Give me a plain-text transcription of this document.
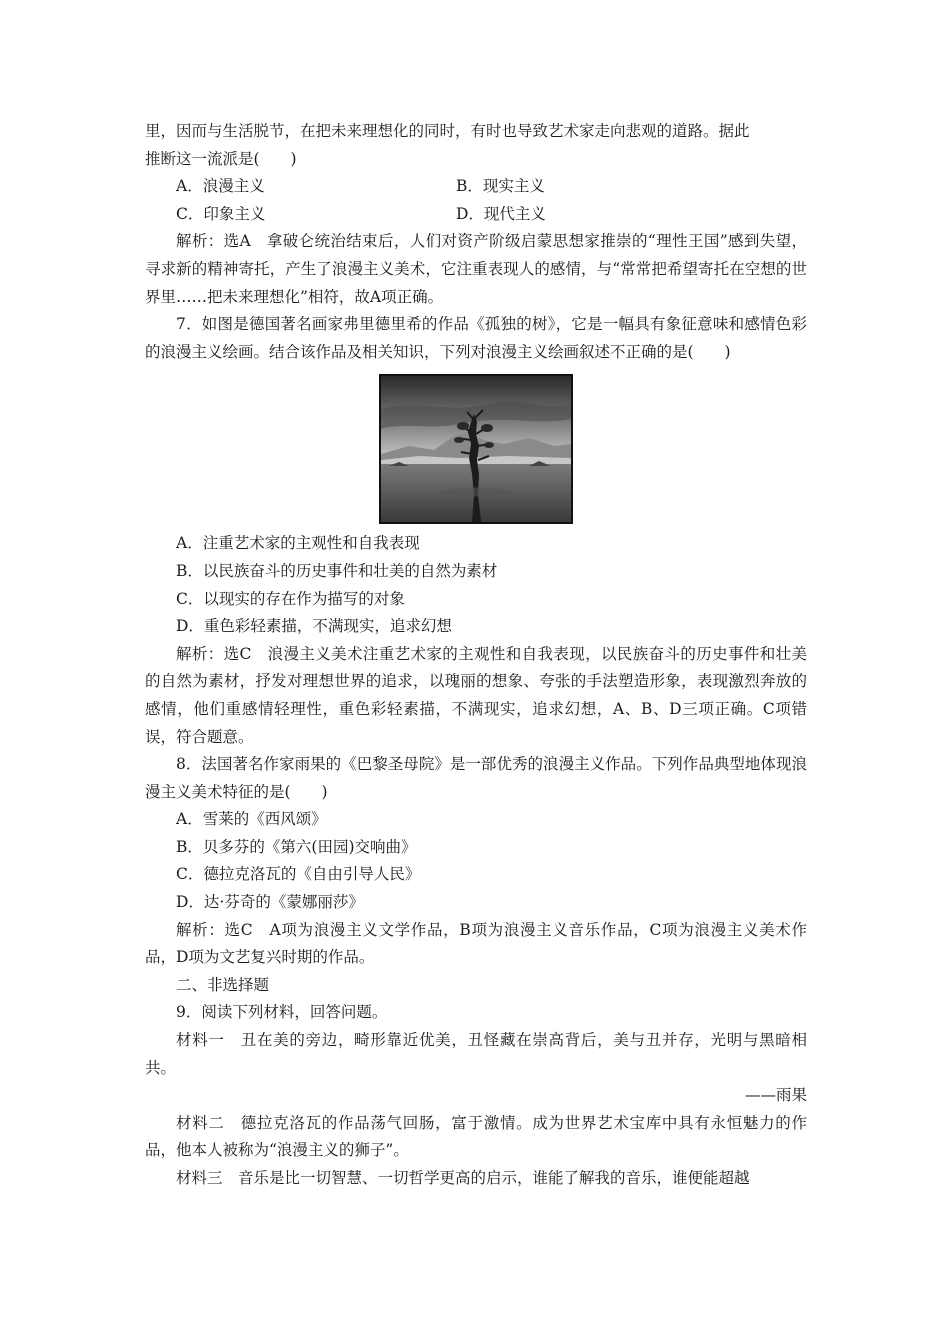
里，因而与生活脱节，在把未来理想化的同时，有时也导致艺术家走向悲观的道路。据此

推断这一流派是(　　)

A．浪漫主义	B．现实主义
C．印象主义	D．现代主义

解析：选A　拿破仑统治结束后，人们对资产阶级启蒙思想家推崇的“理性王国”感到失望，寻求新的精神寄托，产生了浪漫主义美术，它注重表现人的感情，与“常常把希望寄托在空想的世界里……把未来理想化”相符，故A项正确。

7．如图是德国著名画家弗里德里希的作品《孤独的树》，它是一幅具有象征意味和感情色彩的浪漫主义绘画。结合该作品及相关知识，下列对浪漫主义绘画叙述不正确的是(　　)

A．注重艺术家的主观性和自我表现

B．以民族奋斗的历史事件和壮美的自然为素材

C．以现实的存在作为描写的对象

D．重色彩轻素描，不满现实，追求幻想

解析：选C　浪漫主义美术注重艺术家的主观性和自我表现，以民族奋斗的历史事件和壮美的自然为素材，抒发对理想世界的追求，以瑰丽的想象、夸张的手法塑造形象，表现激烈奔放的感情，他们重感情轻理性，重色彩轻素描，不满现实，追求幻想，A、B、D三项正确。C项错误，符合题意。

8．法国著名作家雨果的《巴黎圣母院》是一部优秀的浪漫主义作品。下列作品典型地体现浪漫主义美术特征的是(　　)

A．雪莱的《西风颂》

B．贝多芬的《第六(田园)交响曲》

C．德拉克洛瓦的《自由引导人民》

D．达·芬奇的《蒙娜丽莎》

解析：选C　A项为浪漫主义文学作品，B项为浪漫主义音乐作品，C项为浪漫主义美术作品，D项为文艺复兴时期的作品。

二、非选择题

9．阅读下列材料，回答问题。

材料一　丑在美的旁边，畸形靠近优美，丑怪藏在崇高背后，美与丑并存，光明与黑暗相共。

——雨果

材料二　德拉克洛瓦的作品荡气回肠，富于激情。成为世界艺术宝库中具有永恒魅力的作品，他本人被称为“浪漫主义的狮子”。

材料三　音乐是比一切智慧、一切哲学更高的启示，谁能了解我的音乐，谁便能超越
